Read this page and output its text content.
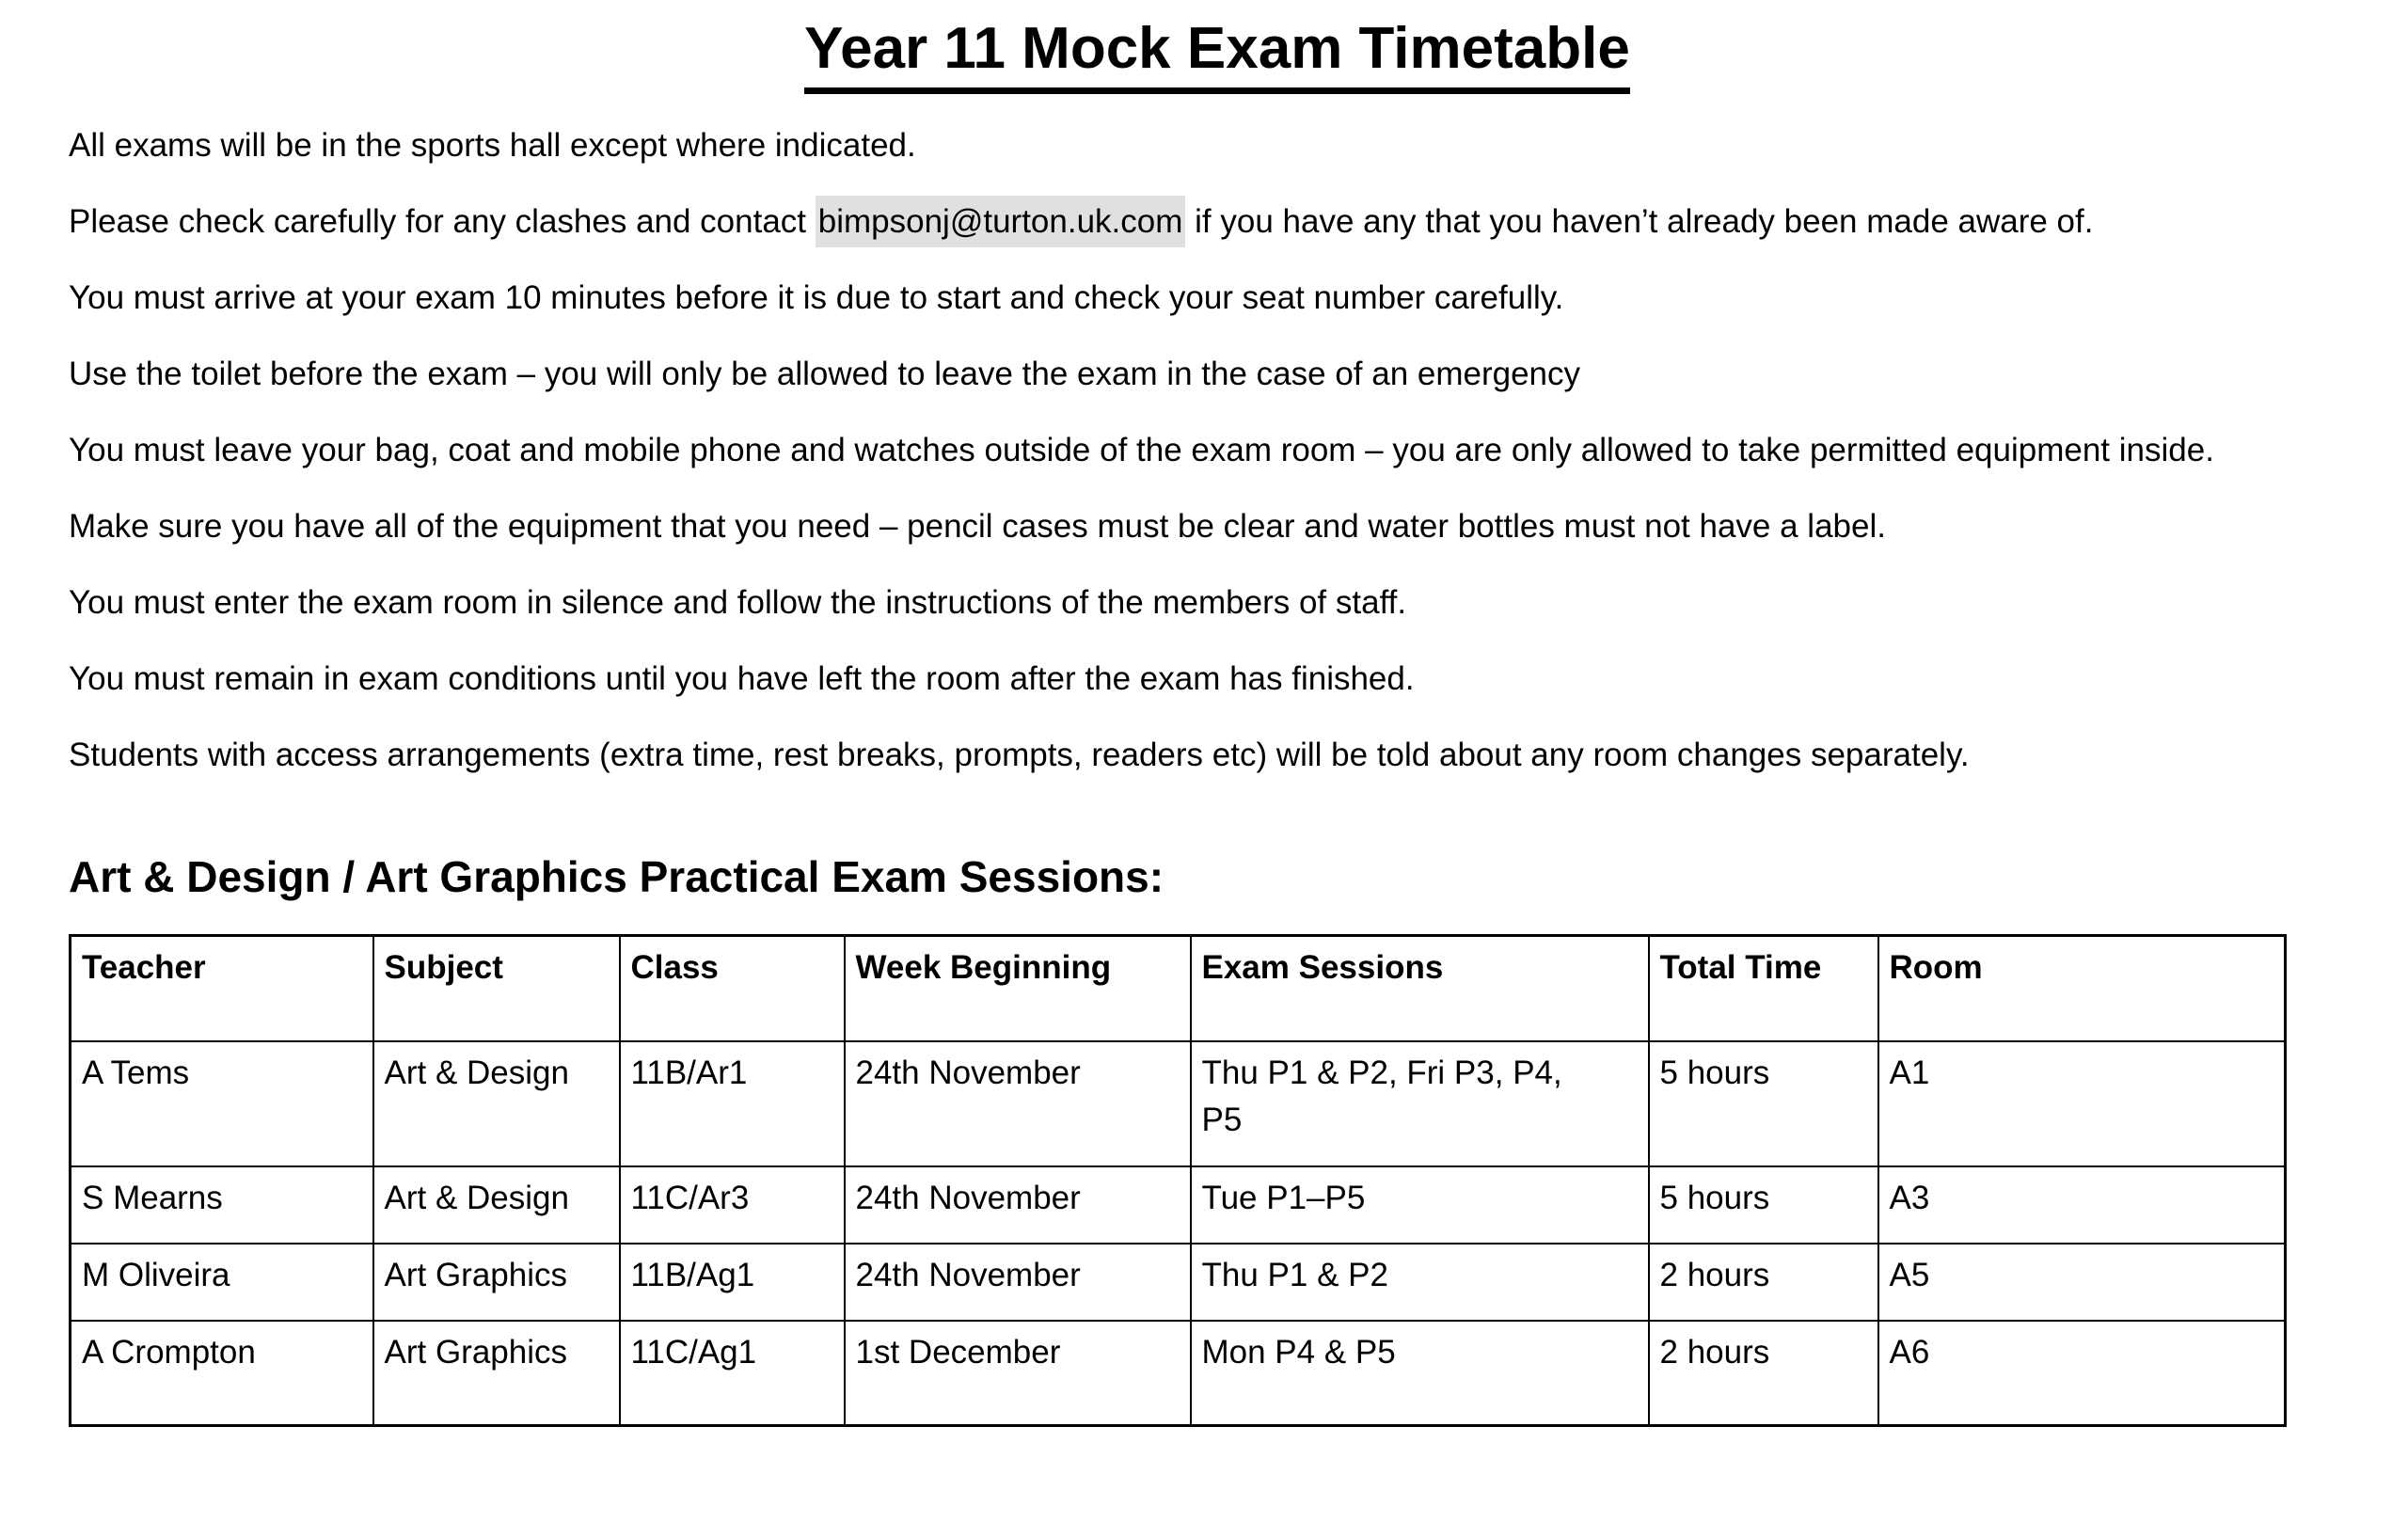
Year 11 Mock Exam Timetable

All exams will be in the sports hall except where indicated.

Please check carefully for any clashes and contact bimpsonj@turton.uk.com if you have any that you haven’t already been made aware of.

You must arrive at your exam 10 minutes before it is due to start and check your seat number carefully.

Use the toilet before the exam – you will only be allowed to leave the exam in the case of an emergency

You must leave your bag, coat and mobile phone and watches outside of the exam room – you are only allowed to take permitted equipment inside.

Make sure you have all of the equipment that you need – pencil cases must be clear and water bottles must not have a label.

You must enter the exam room in silence and follow the instructions of the members of staff.

You must remain in exam conditions until you have left the room after the exam has finished.

Students with access arrangements (extra time, rest breaks, prompts, readers etc) will be told about any room changes separately.

Art & Design / Art Graphics Practical Exam Sessions:
Teacher	Subject	Class	Week Beginning	Exam Sessions	Total Time	Room
A Tems	Art & Design	11B/Ar1	24th November	Thu P1 & P2, Fri P3, P4, P5	5 hours	A1
S Mearns	Art & Design	11C/Ar3	24th November	Tue P1–P5	5 hours	A3
M Oliveira	Art Graphics	11B/Ag1	24th November	Thu P1 & P2	2 hours	A5
A Crompton	Art Graphics	11C/Ag1	1st December	Mon P4 & P5	2 hours	A6
